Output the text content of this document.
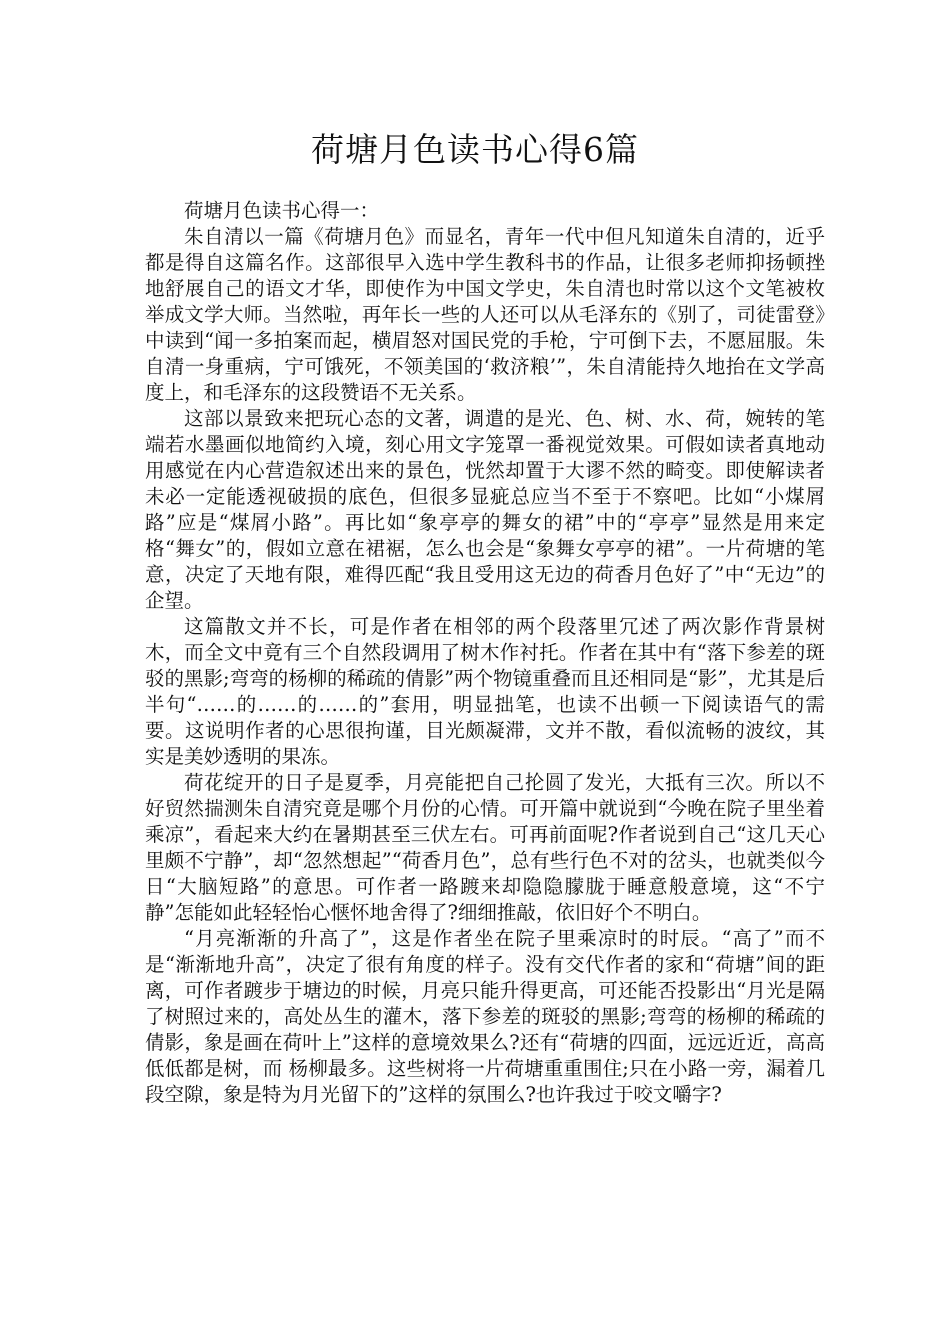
荷塘月色读书心得6篇

荷塘月色读书心得一：

朱自清以一篇《荷塘月色》而显名，青年一代中但凡知道朱自清的，近乎都是得自这篇名作。这部很早入选中学生教科书的作品，让很多老师抑扬顿挫地舒展自己的语文才华，即使作为中国文学史，朱自清也时常以这个文笔被枚举成文学大师。当然啦，再年长一些的人还可以从毛泽东的《别了，司徒雷登》中读到“闻一多拍案而起，横眉怒对国民党的手枪，宁可倒下去，不愿屈服。朱自清一身重病，宁可饿死，不领美国的‘救济粮’”，朱自清能持久地抬在文学高度上，和毛泽东的这段赞语不无关系。

这部以景致来把玩心态的文著，调遣的是光、色、树、水、荷，婉转的笔端若水墨画似地简约入境，刻心用文字笼罩一番视觉效果。可假如读者真地动用感觉在内心营造叙述出来的景色，恍然却置于大谬不然的畸变。即使解读者未必一定能透视破损的底色，但很多显疵总应当不至于不察吧。比如“小煤屑路”应是“煤屑小路”。再比如“象亭亭的舞女的裙”中的“亭亭”显然是用来定格“舞女”的，假如立意在裙裾，怎么也会是“象舞女亭亭的裙”。一片荷塘的笔意，决定了天地有限，难得匹配“我且受用这无边的荷香月色好了”中“无边”的企望。

这篇散文并不长，可是作者在相邻的两个段落里冗述了两次影作背景树木，而全文中竟有三个自然段调用了树木作衬托。作者在其中有“落下参差的斑驳的黑影;弯弯的杨柳的稀疏的倩影”两个物镜重叠而且还相同是“影”，尤其是后半句“……的……的……的”套用，明显拙笔，也读不出顿一下阅读语气的需要。这说明作者的心思很拘谨，目光颇凝滞，文并不散，看似流畅的波纹，其实是美妙透明的果冻。

荷花绽开的日子是夏季，月亮能把自己抡圆了发光，大抵有三次。所以不好贸然揣测朱自清究竟是哪个月份的心情。可开篇中就说到“今晚在院子里坐着乘凉”，看起来大约在暑期甚至三伏左右。可再前面呢?作者说到自己“这几天心里颇不宁静”，却“忽然想起”“荷香月色”，总有些行色不对的岔头，也就类似今日“大脑短路”的意思。可作者一路踱来却隐隐朦胧于睡意般意境，这“不宁静”怎能如此轻轻怡心惬怀地舍得了?细细推敲，依旧好个不明白。

“月亮渐渐的升高了”，这是作者坐在院子里乘凉时的时辰。“高了”而不是“渐渐地升高”，决定了很有角度的样子。没有交代作者的家和“荷塘”间的距离，可作者踱步于塘边的时候，月亮只能升得更高，可还能否投影出“月光是隔了树照过来的，高处丛生的灌木，落下参差的斑驳的黑影;弯弯的杨柳的稀疏的倩影，象是画在荷叶上”这样的意境效果么?还有“荷塘的四面，远远近近，高高低低都是树，而 杨柳最多。这些树将一片荷塘重重围住;只在小路一旁，漏着几段空隙，象是特为月光留下的”这样的氛围么?也许我过于咬文嚼字?
